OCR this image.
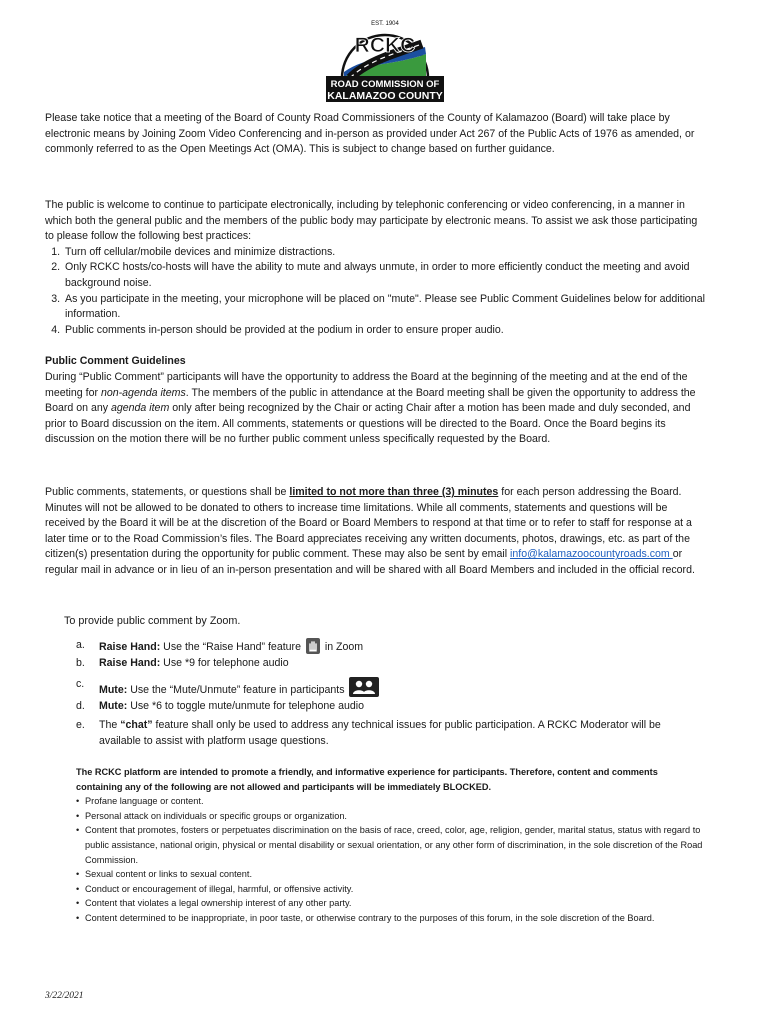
EST. 1904
RCKC
ROAD COMMISSION OF
KALAMAZOO COUNTY
Please take notice that a meeting of the Board of County Road Commissioners of the County of Kalamazoo (Board) will take place by electronic means by Joining Zoom Video Conferencing and in-person as provided under Act 267 of the Public Acts of 1976 as amended, or commonly referred to as the Open Meetings Act (OMA). This is subject to change based on further guidance.
The public is welcome to continue to participate electronically, including by telephonic conferencing or video conferencing, in a manner in which both the general public and the members of the public body may participate by electronic means. To assist we ask those participating to please follow the following best practices:
1. Turn off cellular/mobile devices and minimize distractions.
2. Only RCKC hosts/co-hosts will have the ability to mute and always unmute, in order to more efficiently conduct the meeting and avoid background noise.
3. As you participate in the meeting, your microphone will be placed on "mute". Please see Public Comment Guidelines below for additional information.
4. Public comments in-person should be provided at the podium in order to ensure proper audio.
Public Comment Guidelines
During “Public Comment” participants will have the opportunity to address the Board at the beginning of the meeting and at the end of the meeting for non-agenda items. The members of the public in attendance at the Board meeting shall be given the opportunity to address the Board on any agenda item only after being recognized by the Chair or acting Chair after a motion has been made and duly seconded, and prior to Board discussion on the item. All comments, statements or questions will be directed to the Board. Once the Board begins its discussion on the motion there will be no further public comment unless specifically requested by the Board.
Public comments, statements, or questions shall be limited to not more than three (3) minutes for each person addressing the Board. Minutes will not be allowed to be donated to others to increase time limitations. While all comments, statements and questions will be received by the Board it will be at the discretion of the Board or Board Members to respond at that time or to refer to staff for response at a later time or to the Road Commission’s files. The Board appreciates receiving any written documents, photos, drawings, etc. as part of the citizen(s) presentation during the opportunity for public comment. These may also be sent by email info@kalamazoocountyroads.com or regular mail in advance or in lieu of an in-person presentation and will be shared with all Board Members and included in the official record.
To provide public comment by Zoom.
a.	Raise Hand: Use the “Raise Hand” feature  in Zoom
b.	Raise Hand: Use *9 for telephone audio
c.	Mute: Use the “Mute/Unmute” feature in participants
d.	Mute: Use *6 to toggle mute/unmute for telephone audio
e.	The “chat” feature shall only be used to address any technical issues for public participation. A RCKC Moderator will be available to assist with platform usage questions.
The RCKC platform are intended to promote a friendly, and informative experience for participants. Therefore, content and comments containing any of the following are not allowed and participants will be immediately BLOCKED.
• Profane language or content.
• Personal attack on individuals or specific groups or organization.
• Content that promotes, fosters or perpetuates discrimination on the basis of race, creed, color, age, religion, gender, marital status, status with regard to public assistance, national origin, physical or mental disability or sexual orientation, or any other form of discrimination, in the sole discretion of the Road Commission.
• Sexual content or links to sexual content.
• Conduct or encouragement of illegal, harmful, or offensive activity.
• Content that violates a legal ownership interest of any other party.
• Content determined to be inappropriate, in poor taste, or otherwise contrary to the purposes of this forum, in the sole discretion of the Board.
3/22/2021
